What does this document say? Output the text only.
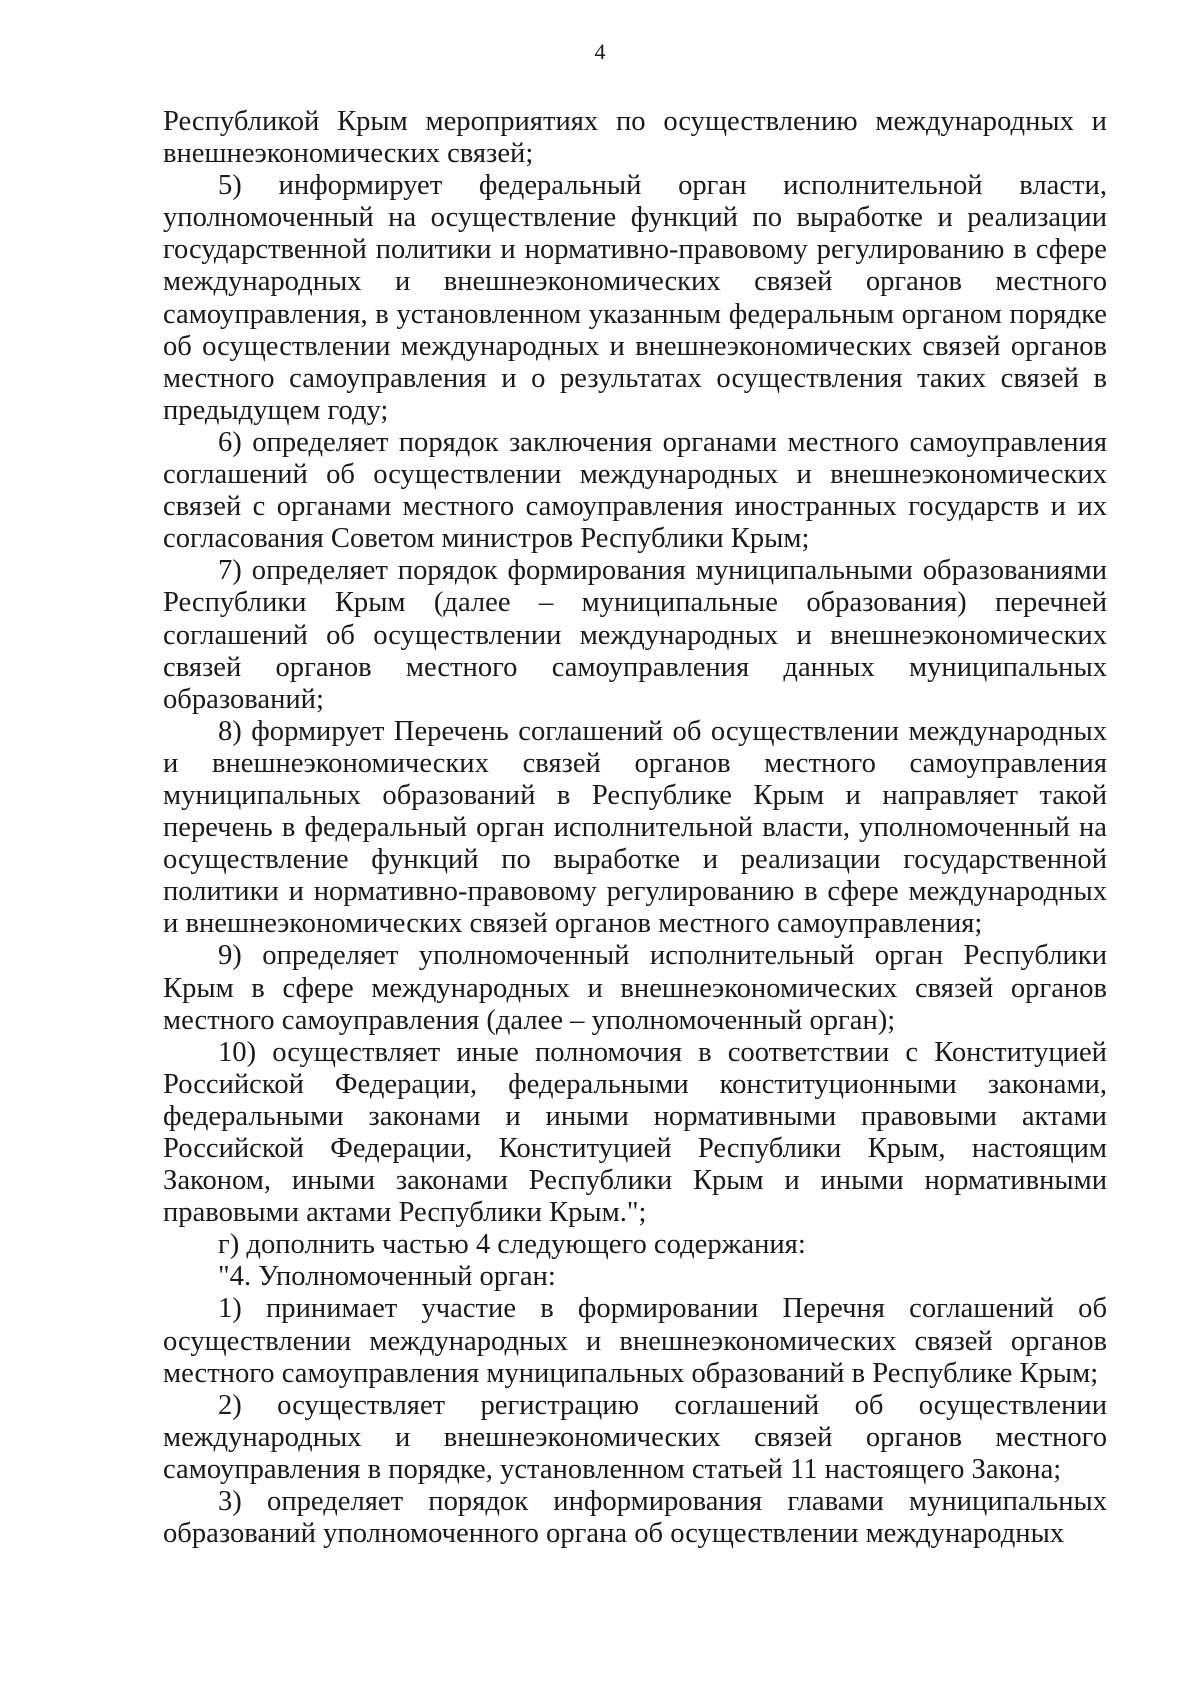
4

Республикой Крым мероприятиях по осуществлению международных и внешнеэкономических связей;

5) информирует федеральный орган исполнительной власти, уполномоченный на осуществление функций по выработке и реализации государственной политики и нормативно-правовому регулированию в сфере международных и внешнеэкономических связей органов местного самоуправления, в установленном указанным федеральным органом порядке об осуществлении международных и внешнеэкономических связей органов местного самоуправления и о результатах осуществления таких связей в предыдущем году;

6) определяет порядок заключения органами местного самоуправления соглашений об осуществлении международных и внешнеэкономических связей с органами местного самоуправления иностранных государств и их согласования Советом министров Республики Крым;

7) определяет порядок формирования муниципальными образованиями Республики Крым (далее – муниципальные образования) перечней соглашений об осуществлении международных и внешнеэкономических связей органов местного самоуправления данных муниципальных образований;

8) формирует Перечень соглашений об осуществлении международных и внешнеэкономических связей органов местного самоуправления муниципальных образований в Республике Крым и направляет такой перечень в федеральный орган исполнительной власти, уполномоченный на осуществление функций по выработке и реализации государственной политики и нормативно-правовому регулированию в сфере международных и внешнеэкономических связей органов местного самоуправления;

9) определяет уполномоченный исполнительный орган Республики Крым в сфере международных и внешнеэкономических связей органов местного самоуправления (далее – уполномоченный орган);

10) осуществляет иные полномочия в соответствии с Конституцией Российской Федерации, федеральными конституционными законами, федеральными законами и иными нормативными правовыми актами Российской Федерации, Конституцией Республики Крым, настоящим Законом, иными законами Республики Крым и иными нормативными правовыми актами Республики Крым.";

г) дополнить частью 4 следующего содержания:

"4. Уполномоченный орган:

1) принимает участие в формировании Перечня соглашений об осуществлении международных и внешнеэкономических связей органов местного самоуправления муниципальных образований в Республике Крым;

2) осуществляет регистрацию соглашений об осуществлении международных и внешнеэкономических связей органов местного самоуправления в порядке, установленном статьей 11 настоящего Закона;

3) определяет порядок информирования главами муниципальных образований уполномоченного органа об осуществлении международных
